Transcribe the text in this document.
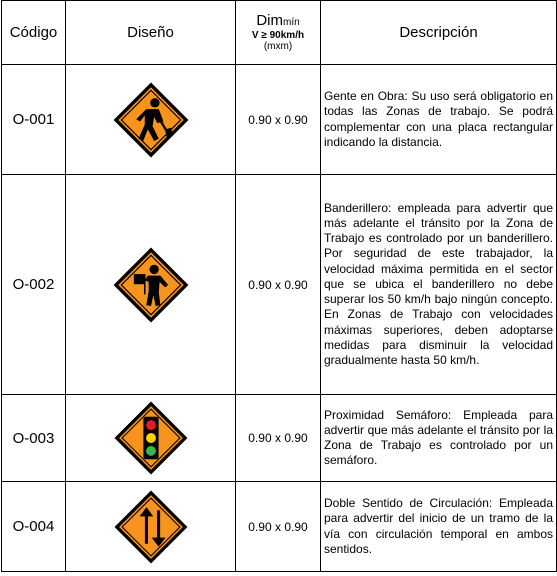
Código	Diseño	Dimmín
V ≥ 90km/h
(mxm)	Descripción
O-001		0.90 x 0.90	Gente en Obra: Su uso será obligatorio en todas las Zonas de trabajo. Se podrá complementar con una placa rectangular indicando la distancia.
O-002		0.90 x 0.90	Banderillero: empleada para advertir que más adelante el tránsito por la Zona de Trabajo es controlado por un banderillero. Por seguridad de este trabajador, la velocidad máxima permitida en el sector que se ubica el banderillero no debe superar los 50 km/h bajo ningún concepto. En Zonas de Trabajo con velocidades máximas superiores, deben adoptarse medidas para disminuir la velocidad gradualmente hasta 50 km/h.
O-003		0.90 x 0.90	Proximidad Semáforo: Empleada para advertir que más adelante el tránsito por la Zona de Trabajo es controlado por un semáforo.
O-004		0.90 x 0.90	Doble Sentido de Circulación: Empleada para advertir del inicio de un tramo de la vía con circulación temporal en ambos sentidos.
